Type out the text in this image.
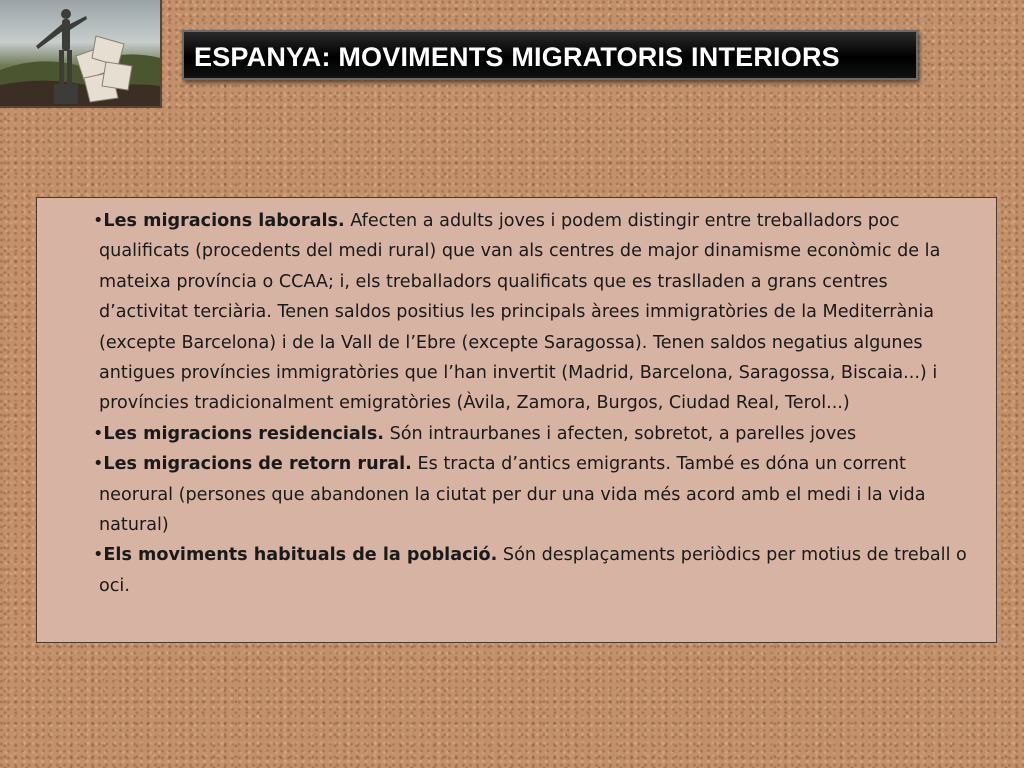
ESPANYA: MOVIMENTS MIGRATORIS INTERIORS

•Les migracions laborals. Afecten a adults joves i podem distingir entre treballadors poc qualificats (procedents del medi rural) que van als centres de major dinamisme econòmic de la mateixa província o CCAA; i, els treballadors qualificats que es traslladen a grans centres d’activitat terciària. Tenen saldos positius les principals àrees immigratòries de la Mediterrània (excepte Barcelona) i de la Vall de l’Ebre (excepte Saragossa). Tenen saldos negatius algunes antigues províncies immigratòries que l’han invertit (Madrid, Barcelona, Saragossa, Biscaia...) i províncies tradicionalment emigratòries (Àvila, Zamora, Burgos, Ciudad Real, Terol...)

•Les migracions residencials. Són intraurbanes i afecten, sobretot, a parelles joves

•Les migracions de retorn rural. Es tracta d’antics emigrants. També es dóna un corrent neorural (persones que abandonen la ciutat per dur una vida més acord amb el medi i la vida natural)

•Els moviments habituals de la població. Són desplaçaments periòdics per motius de treball o oci.
